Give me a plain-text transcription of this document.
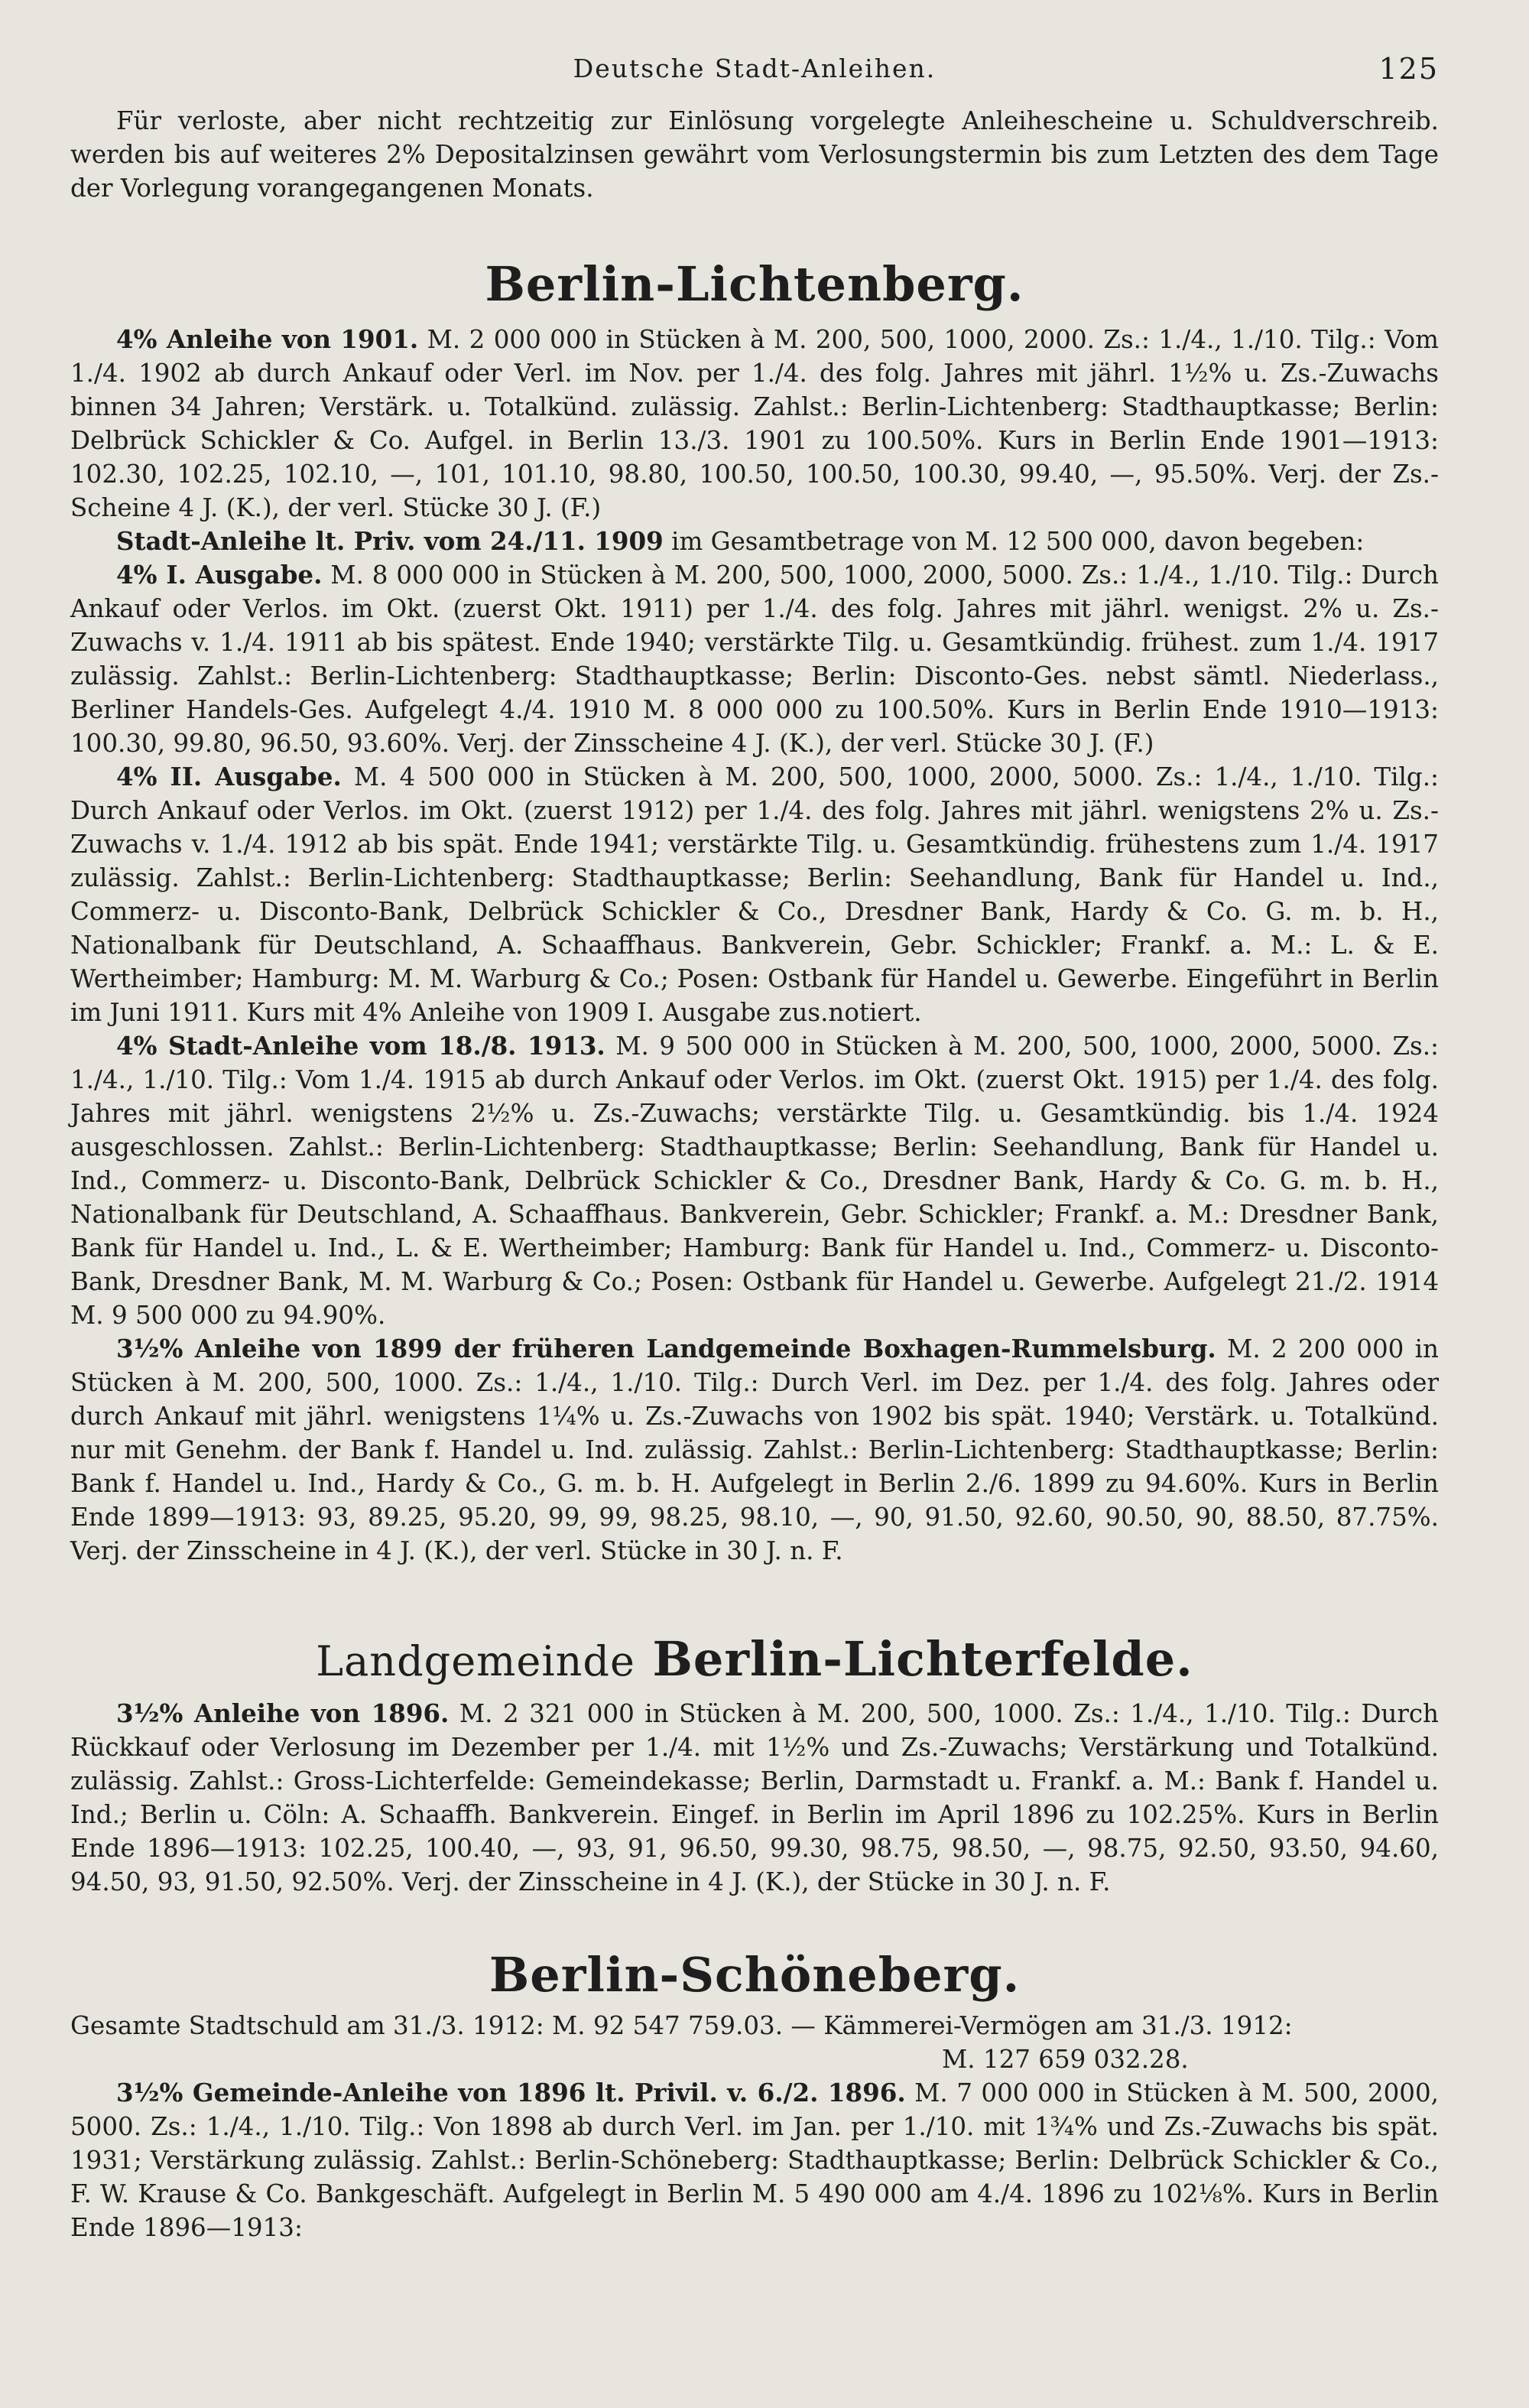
Deutsche Stadt-Anleihen.	125

Für verloste, aber nicht rechtzeitig zur Einlösung vorgelegte Anleihescheine u. Schuldverschreib. werden bis auf weiteres 2% Depositalzinsen gewährt vom Verlosungstermin bis zum Letzten des dem Tage der Vorlegung vorangegangenen Monats.

Berlin-Lichtenberg.

4% Anleihe von 1901. M. 2 000 000 in Stücken à M. 200, 500, 1000, 2000. Zs.: 1./4., 1./10. Tilg.: Vom 1./4. 1902 ab durch Ankauf oder Verl. im Nov. per 1./4. des folg. Jahres mit jährl. 1½% u. Zs.-Zuwachs binnen 34 Jahren; Verstärk. u. Totalkünd. zulässig. Zahlst.: Berlin-Lichtenberg: Stadthauptkasse; Berlin: Delbrück Schickler & Co. Aufgel. in Berlin 13./3. 1901 zu 100.50%. Kurs in Berlin Ende 1901—1913: 102.30, 102.25, 102.10, —, 101, 101.10, 98.80, 100.50, 100.50, 100.30, 99.40, —, 95.50%. Verj. der Zs.-Scheine 4 J. (K.), der verl. Stücke 30 J. (F.)

Stadt-Anleihe lt. Priv. vom 24./11. 1909 im Gesamtbetrage von M. 12 500 000, davon begeben:

4% I. Ausgabe. M. 8 000 000 in Stücken à M. 200, 500, 1000, 2000, 5000. Zs.: 1./4., 1./10. Tilg.: Durch Ankauf oder Verlos. im Okt. (zuerst Okt. 1911) per 1./4. des folg. Jahres mit jährl. wenigst. 2% u. Zs.-Zuwachs v. 1./4. 1911 ab bis spätest. Ende 1940; verstärkte Tilg. u. Gesamtkündig. frühest. zum 1./4. 1917 zulässig. Zahlst.: Berlin-Lichtenberg: Stadthauptkasse; Berlin: Disconto-Ges. nebst sämtl. Niederlass., Berliner Handels-Ges. Aufgelegt 4./4. 1910 M. 8 000 000 zu 100.50%. Kurs in Berlin Ende 1910—1913: 100.30, 99.80, 96.50, 93.60%. Verj. der Zinsscheine 4 J. (K.), der verl. Stücke 30 J. (F.)

4% II. Ausgabe. M. 4 500 000 in Stücken à M. 200, 500, 1000, 2000, 5000. Zs.: 1./4., 1./10. Tilg.: Durch Ankauf oder Verlos. im Okt. (zuerst 1912) per 1./4. des folg. Jahres mit jährl. wenigstens 2% u. Zs.-Zuwachs v. 1./4. 1912 ab bis spät. Ende 1941; verstärkte Tilg. u. Gesamtkündig. frühestens zum 1./4. 1917 zulässig. Zahlst.: Berlin-Lichtenberg: Stadthauptkasse; Berlin: Seehandlung, Bank für Handel u. Ind., Commerz- u. Disconto-Bank, Delbrück Schickler & Co., Dresdner Bank, Hardy & Co. G. m. b. H., Nationalbank für Deutschland, A. Schaaffhaus. Bankverein, Gebr. Schickler; Frankf. a. M.: L. & E. Wertheimber; Hamburg: M. M. Warburg & Co.; Posen: Ostbank für Handel u. Gewerbe. Eingeführt in Berlin im Juni 1911. Kurs mit 4% Anleihe von 1909 I. Ausgabe zus.notiert.

4% Stadt-Anleihe vom 18./8. 1913. M. 9 500 000 in Stücken à M. 200, 500, 1000, 2000, 5000. Zs.: 1./4., 1./10. Tilg.: Vom 1./4. 1915 ab durch Ankauf oder Verlos. im Okt. (zuerst Okt. 1915) per 1./4. des folg. Jahres mit jährl. wenigstens 2½% u. Zs.-Zuwachs; verstärkte Tilg. u. Gesamtkündig. bis 1./4. 1924 ausgeschlossen. Zahlst.: Berlin-Lichtenberg: Stadthauptkasse; Berlin: Seehandlung, Bank für Handel u. Ind., Commerz- u. Disconto-Bank, Delbrück Schickler & Co., Dresdner Bank, Hardy & Co. G. m. b. H., Nationalbank für Deutschland, A. Schaaffhaus. Bankverein, Gebr. Schickler; Frankf. a. M.: Dresdner Bank, Bank für Handel u. Ind., L. & E. Wertheimber; Hamburg: Bank für Handel u. Ind., Commerz- u. Disconto-Bank, Dresdner Bank, M. M. Warburg & Co.; Posen: Ostbank für Handel u. Gewerbe. Aufgelegt 21./2. 1914 M. 9 500 000 zu 94.90%.

3½% Anleihe von 1899 der früheren Landgemeinde Boxhagen-Rummelsburg. M. 2 200 000 in Stücken à M. 200, 500, 1000. Zs.: 1./4., 1./10. Tilg.: Durch Verl. im Dez. per 1./4. des folg. Jahres oder durch Ankauf mit jährl. wenigstens 1¼% u. Zs.-Zuwachs von 1902 bis spät. 1940; Verstärk. u. Totalkünd. nur mit Genehm. der Bank f. Handel u. Ind. zulässig. Zahlst.: Berlin-Lichtenberg: Stadthauptkasse; Berlin: Bank f. Handel u. Ind., Hardy & Co., G. m. b. H. Aufgelegt in Berlin 2./6. 1899 zu 94.60%. Kurs in Berlin Ende 1899—1913: 93, 89.25, 95.20, 99, 99, 98.25, 98.10, —, 90, 91.50, 92.60, 90.50, 90, 88.50, 87.75%. Verj. der Zinsscheine in 4 J. (K.), der verl. Stücke in 30 J. n. F.

Landgemeinde Berlin-Lichterfelde.

3½% Anleihe von 1896. M. 2 321 000 in Stücken à M. 200, 500, 1000. Zs.: 1./4., 1./10. Tilg.: Durch Rückkauf oder Verlosung im Dezember per 1./4. mit 1½% und Zs.-Zuwachs; Verstärkung und Totalkünd. zulässig. Zahlst.: Gross-Lichterfelde: Gemeindekasse; Berlin, Darmstadt u. Frankf. a. M.: Bank f. Handel u. Ind.; Berlin u. Cöln: A. Schaaffh. Bankverein. Eingef. in Berlin im April 1896 zu 102.25%. Kurs in Berlin Ende 1896—1913: 102.25, 100.40, —, 93, 91, 96.50, 99.30, 98.75, 98.50, —, 98.75, 92.50, 93.50, 94.60, 94.50, 93, 91.50, 92.50%. Verj. der Zinsscheine in 4 J. (K.), der Stücke in 30 J. n. F.

Berlin-Schöneberg.

Gesamte Stadtschuld am 31./3. 1912: M. 92 547 759.03. — Kämmerei-Vermögen am 31./3. 1912:

M. 127 659 032.28.

3½% Gemeinde-Anleihe von 1896 lt. Privil. v. 6./2. 1896. M. 7 000 000 in Stücken à M. 500, 2000, 5000. Zs.: 1./4., 1./10. Tilg.: Von 1898 ab durch Verl. im Jan. per 1./10. mit 1¾% und Zs.-Zuwachs bis spät. 1931; Verstärkung zulässig. Zahlst.: Berlin-Schöneberg: Stadthauptkasse; Berlin: Delbrück Schickler & Co., F. W. Krause & Co. Bankgeschäft. Aufgelegt in Berlin M. 5 490 000 am 4./4. 1896 zu 102⅛%. Kurs in Berlin Ende 1896—1913:
